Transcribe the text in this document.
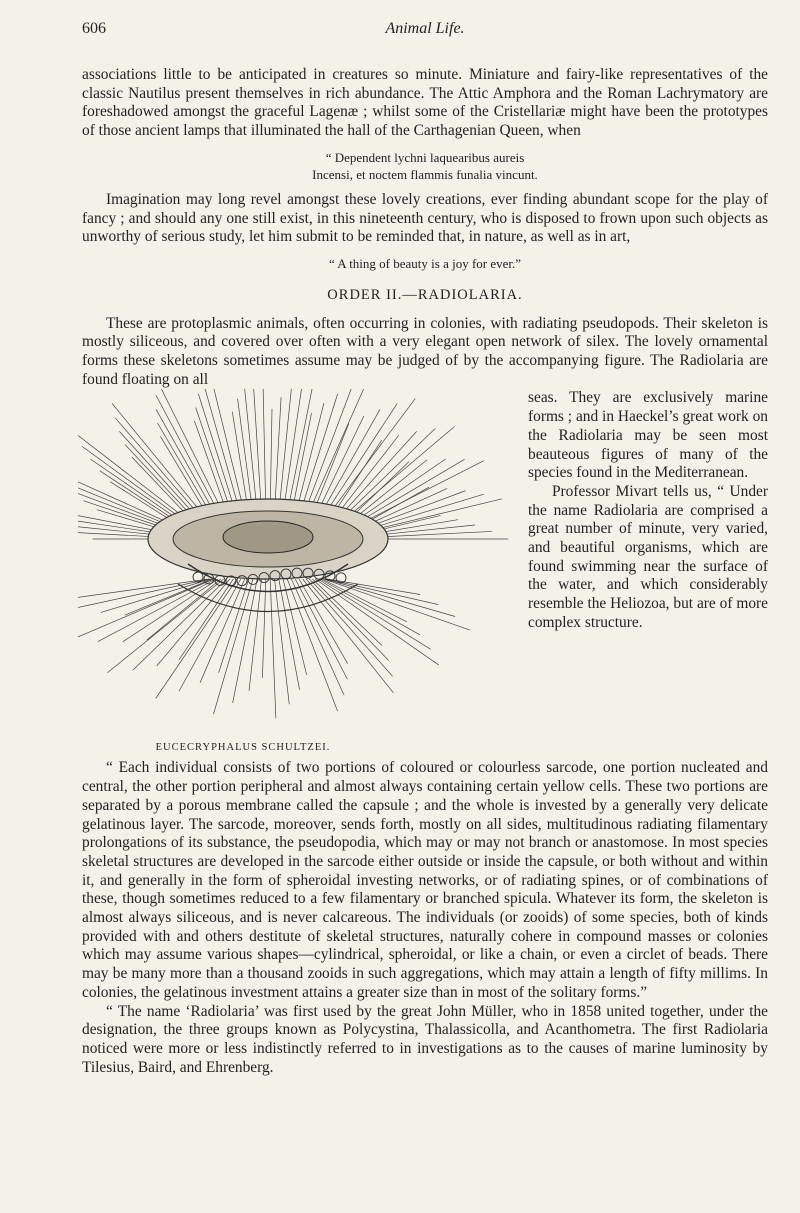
606	Animal Life.

associations little to be anticipated in creatures so minute. Miniature and fairy-like representatives of the classic Nautilus present themselves in rich abundance. The Attic Amphora and the Roman Lachrymatory are foreshadowed amongst the graceful Lagenæ ; whilst some of the Cristellariæ might have been the prototypes of those ancient lamps that illuminated the hall of the Carthagenian Queen, when

“ Dependent lychni laquearibus aureis
Incensi, et noctem flammis funalia vincunt.

Imagination may long revel amongst these lovely creations, ever finding abundant scope for the play of fancy ; and should any one still exist, in this nineteenth century, who is disposed to frown upon such objects as unworthy of serious study, let him submit to be reminded that, in nature, as well as in art,

“ A thing of beauty is a joy for ever.”
ORDER II.—RADIOLARIA.

These are protoplasmic animals, often occurring in colonies, with radiating pseudopods. Their skeleton is mostly siliceous, and covered over often with a very elegant open network of silex. The lovely ornamental forms these skeletons sometimes assume may be judged of by the accompanying figure. The Radiolaria are found floating on all

EUCECRYPHALUS SCHULTZEI.

seas. They are exclusively marine forms ; and in Haeckel’s great work on the Radiolaria may be seen most beauteous figures of many of the species found in the Mediterranean.

Professor Mivart tells us, “ Under the name Radiolaria are comprised a great number of minute, very varied, and beautiful organisms, which are found swimming near the surface of the water, and which considerably resemble the Heliozoa, but are of more complex structure.

“ Each individual consists of two portions of coloured or colourless sarcode, one portion nucleated and central, the other portion peripheral and almost always containing certain yellow cells. These two portions are separated by a porous membrane called the capsule ; and the whole is invested by a generally very delicate gelatinous layer. The sarcode, moreover, sends forth, mostly on all sides, multitudinous radiating filamentary prolongations of its substance, the pseudopodia, which may or may not branch or anastomose. In most species skeletal structures are developed in the sarcode either outside or inside the capsule, or both without and within it, and generally in the form of spheroidal investing networks, or of radiating spines, or of combinations of these, though sometimes reduced to a few filamentary or branched spicula. Whatever its form, the skeleton is almost always siliceous, and is never calcareous. The individuals (or zooids) of some species, both of kinds provided with and others destitute of skeletal structures, naturally cohere in compound masses or colonies which may assume various shapes—cylindrical, spheroidal, or like a chain, or even a circlet of beads. There may be many more than a thousand zooids in such aggregations, which may attain a length of fifty millims. In colonies, the gelatinous investment attains a greater size than in most of the solitary forms.”

“ The name ‘Radiolaria’ was first used by the great John Müller, who in 1858 united together, under the designation, the three groups known as Polycystina, Thalassicolla, and Acanthometra. The first Radiolaria noticed were more or less indistinctly referred to in investigations as to the causes of marine luminosity by Tilesius, Baird, and Ehrenberg.
